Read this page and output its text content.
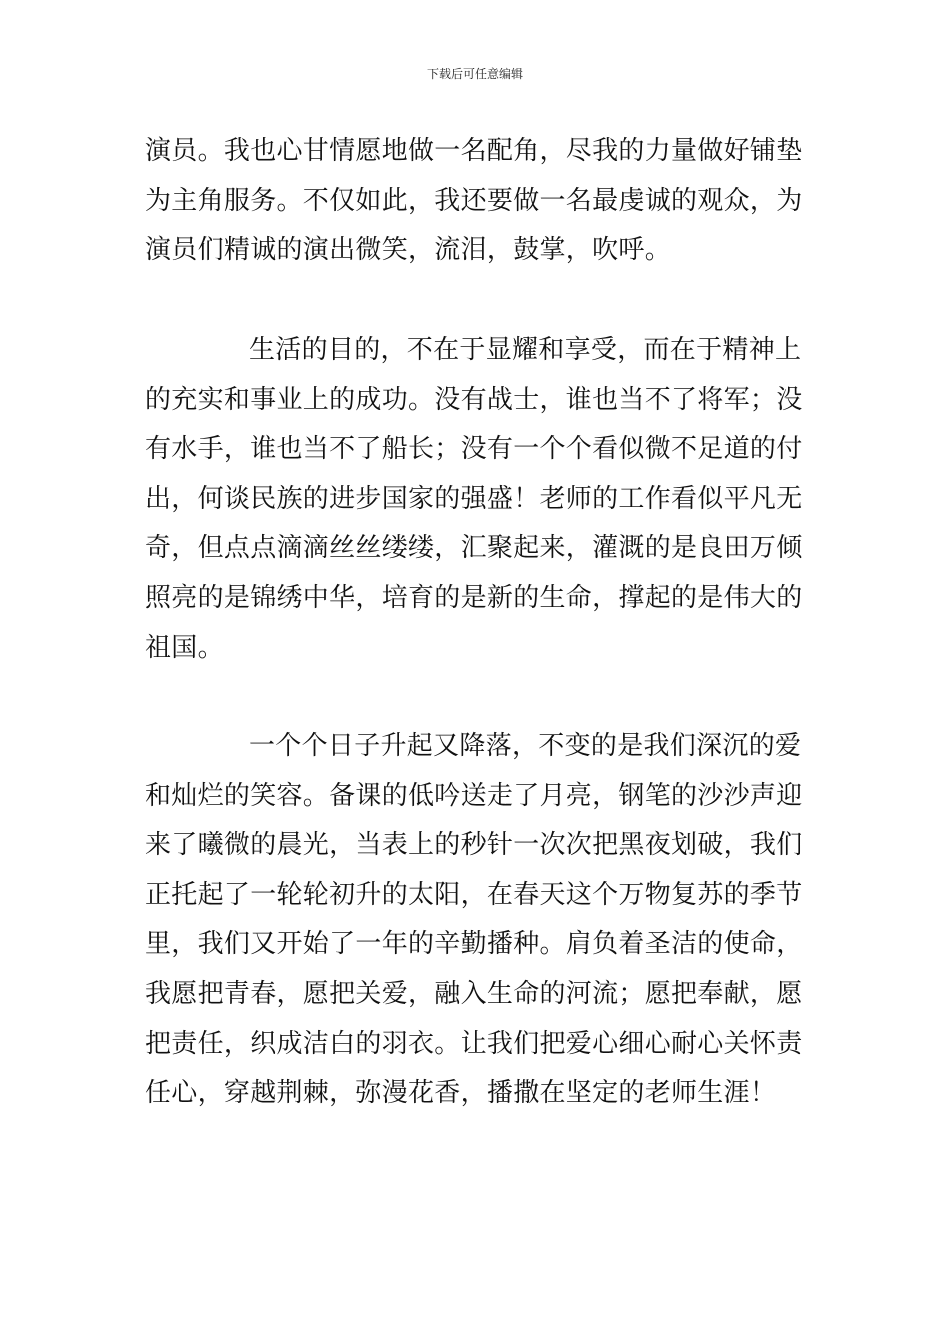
下载后可任意编辑
演员。我也心甘情愿地做一名配角，尽我的力量做好铺垫
为主角服务。不仅如此，我还要做一名最虔诚的观众，为
演员们精诚的演出微笑，流泪，鼓掌，吹呼。
生活的目的，不在于显耀和享受，而在于精神上
的充实和事业上的成功。没有战士，谁也当不了将军；没
有水手，谁也当不了船长；没有一个个看似微不足道的付
出，何谈民族的进步国家的强盛！老师的工作看似平凡无
奇，但点点滴滴丝丝缕缕，汇聚起来，灌溉的是良田万倾
照亮的是锦绣中华，培育的是新的生命，撑起的是伟大的
祖国。
一个个日子升起又降落，不变的是我们深沉的爱
和灿烂的笑容。备课的低吟送走了月亮，钢笔的沙沙声迎
来了曦微的晨光，当表上的秒针一次次把黑夜划破，我们
正托起了一轮轮初升的太阳，在春天这个万物复苏的季节
里，我们又开始了一年的辛勤播种。肩负着圣洁的使命，
我愿把青春，愿把关爱，融入生命的河流；愿把奉献，愿
把责任，织成洁白的羽衣。让我们把爱心细心耐心关怀责
任心，穿越荆棘，弥漫花香，播撒在坚定的老师生涯！
